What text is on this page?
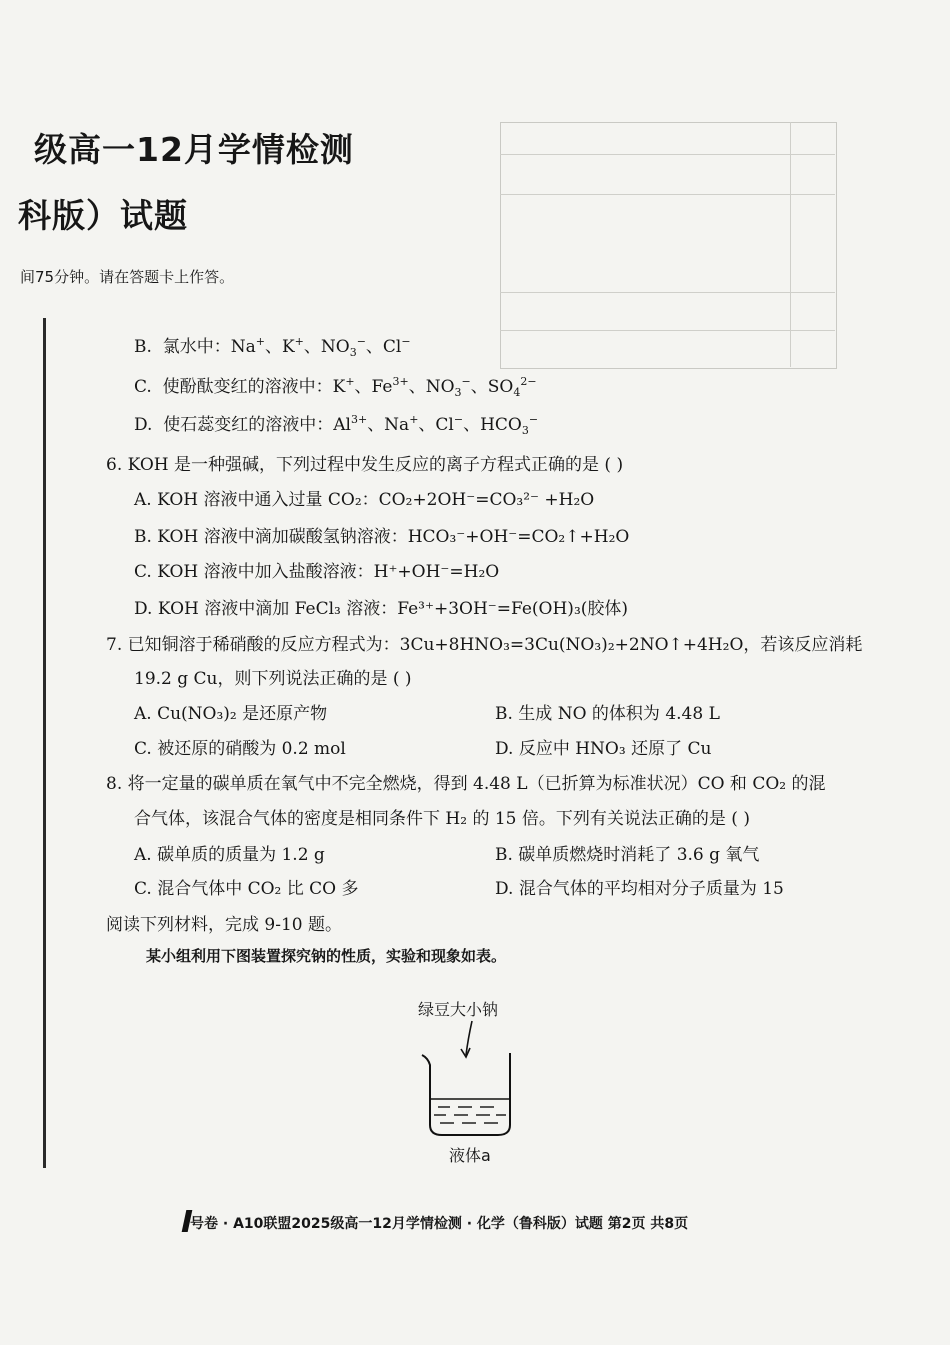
级高一12月学情检测
科版）试题
间75分钟。请在答题卡上作答。
B. 氯水中：Na+、K+、$NO_3^-$、Cl−
C. 使酚酞变红的溶液中：K+、$Fe^{3+}$、$NO_3^-$、$SO_4^{2-}$
D. 使石蕊变红的溶液中：$Al^{3+}$、Na+、Cl−、$HCO_3^-$
6. KOH 是一种强碱，下列过程中发生反应的离子方程式正确的是 ( )
A. KOH 溶液中通入过量 CO₂：CO₂+2OH⁻=CO₃²⁻ +H₂O
B. KOH 溶液中滴加碳酸氢钠溶液：HCO₃⁻+OH⁻=CO₂↑+H₂O
C. KOH 溶液中加入盐酸溶液：H⁺+OH⁻=H₂O
D. KOH 溶液中滴加 FeCl₃ 溶液：Fe³⁺+3OH⁻=Fe(OH)₃(胶体)
7. 已知铜溶于稀硝酸的反应方程式为：3Cu+8HNO₃=3Cu(NO₃)₂+2NO↑+4H₂O，若该反应消耗
19.2 g Cu，则下列说法正确的是 ( )
A. Cu(NO₃)₂ 是还原产物	B. 生成 NO 的体积为 4.48 L
C. 被还原的硝酸为 0.2 mol	D. 反应中 HNO₃ 还原了 Cu
8. 将一定量的碳单质在氧气中不完全燃烧，得到 4.48 L（已折算为标准状况）CO 和 CO₂ 的混
合气体，该混合气体的密度是相同条件下 H₂ 的 15 倍。下列有关说法正确的是 ( )
A. 碳单质的质量为 1.2 g	B. 碳单质燃烧时消耗了 3.6 g 氧气
C. 混合气体中 CO₂ 比 CO 多	D. 混合气体的平均相对分子质量为 15
阅读下列材料，完成 9-10 题。
某小组利用下图装置探究钠的性质，实验和现象如表。
绿豆大小钠
液体a
号卷 · A10联盟2025级高一12月学情检测 · 化学（鲁科版）试题 第2页 共8页
